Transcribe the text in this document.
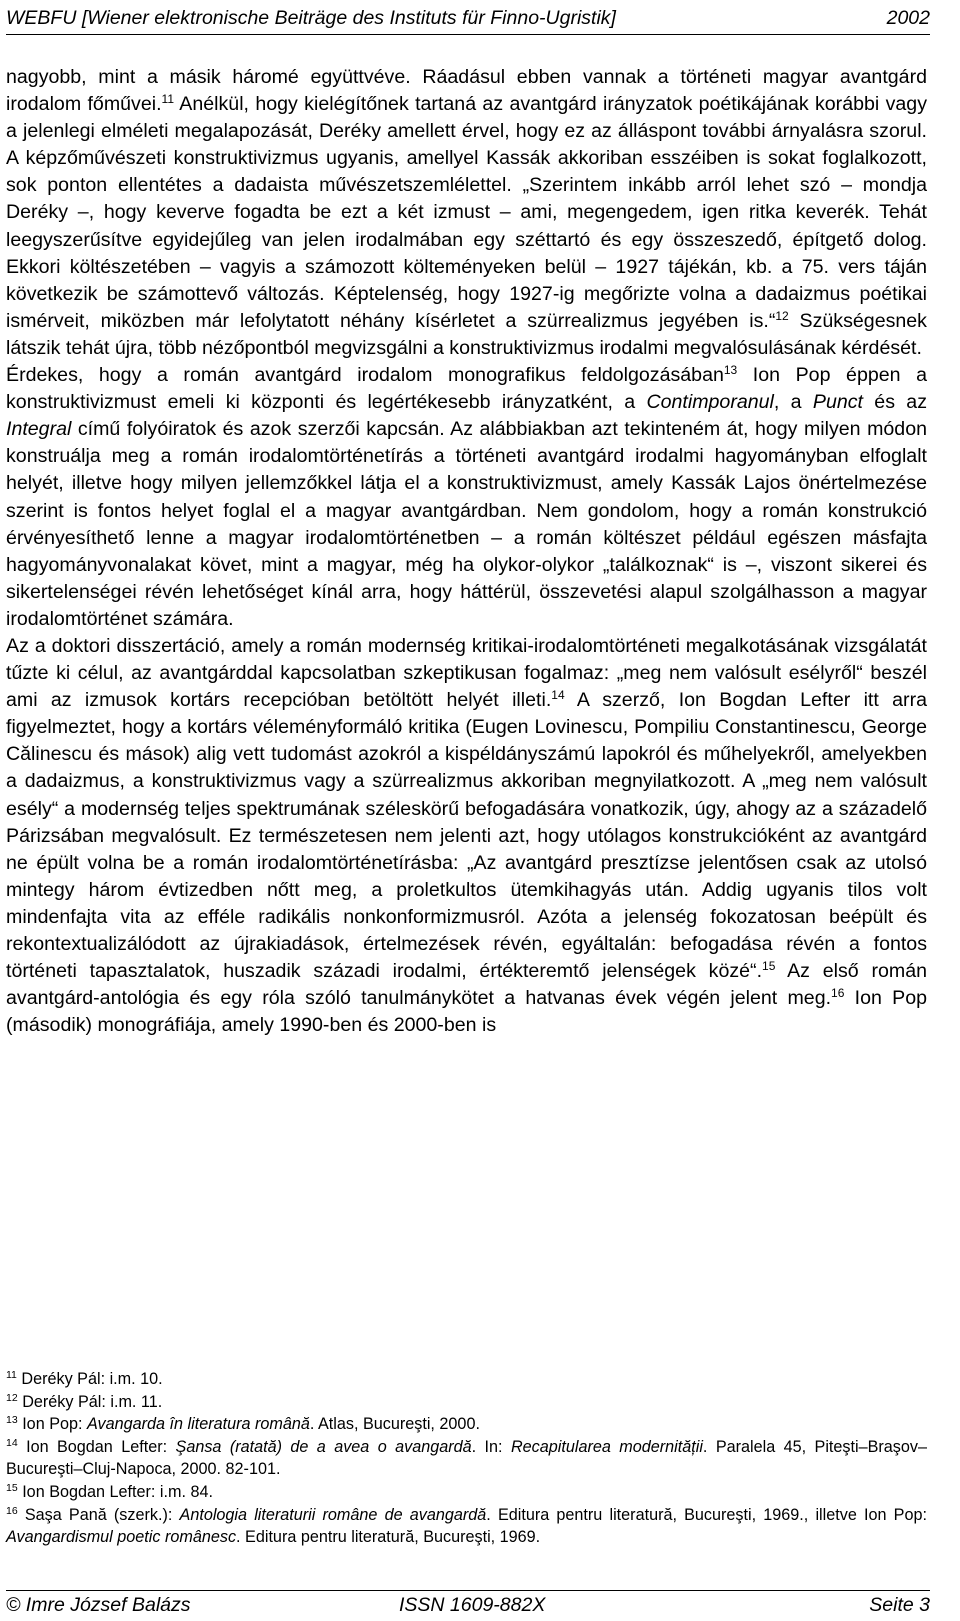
WEBFU [Wiener elektronische Beiträge des Instituts für Finno-Ugristik]	2002

nagyobb, mint a másik háromé együttvéve. Ráadásul ebben vannak a történeti magyar avantgárd irodalom főművei.$^{11}$ Anélkül, hogy kielégítőnek tartaná az avantgárd irányzatok poétikájának korábbi vagy a jelenlegi elméleti megalapozását, Deréky amellett érvel, hogy ez az álláspont további árnyalásra szorul. A képzőművészeti konstruktivizmus ugyanis, amellyel Kassák akkoriban esszéiben is sokat foglalkozott, sok ponton ellentétes a dadaista művészetszemlélettel. „Szerintem inkább arról lehet szó – mondja Deréky –, hogy keverve fogadta be ezt a két izmust – ami, megengedem, igen ritka keverék. Tehát leegyszerűsítve egyidejűleg van jelen irodalmában egy széttartó és egy összeszedő, építgető dolog. Ekkori költészetében – vagyis a számozott költeményeken belül – 1927 tájékán, kb. a 75. vers táján következik be számottevő változás. Képtelenség, hogy 1927-ig megőrizte volna a dadaizmus poétikai ismérveit, miközben már lefolytatott néhány kísérletet a szürrealizmus jegyében is.“$^{12}$ Szükségesnek látszik tehát újra, több nézőpontból megvizsgálni a konstruktivizmus irodalmi megvalósulásának kérdését.

Érdekes, hogy a román avantgárd irodalom monografikus feldolgozásában$^{13}$ Ion Pop éppen a konstruktivizmust emeli ki központi és legértékesebb irányzatként, a Contimporanul, a Punct és az Integral című folyóiratok és azok szerzői kapcsán. Az alábbiakban azt tekinteném át, hogy milyen módon konstruálja meg a román irodalomtörténetírás a történeti avantgárd irodalmi hagyományban elfoglalt helyét, illetve hogy milyen jellemzőkkel látja el a konstruktivizmust, amely Kassák Lajos önértelmezése szerint is fontos helyet foglal el a magyar avantgárdban. Nem gondolom, hogy a román konstrukció érvényesíthető lenne a magyar irodalomtörténetben – a román költészet például egészen másfajta hagyományvonalakat követ, mint a magyar, még ha olykor-olykor „találkoznak“ is –, viszont sikerei és sikertelenségei révén lehetőséget kínál arra, hogy háttérül, összevetési alapul szolgálhasson a magyar irodalomtörténet számára.

Az a doktori disszertáció, amely a román modernség kritikai-irodalomtörténeti megalkotásának vizsgálatát tűzte ki célul, az avantgárddal kapcsolatban szkeptikusan fogalmaz: „meg nem valósult esélyről“ beszél ami az izmusok kortárs recepcióban betöltött helyét illeti.$^{14}$ A szerző, Ion Bogdan Lefter itt arra figyelmeztet, hogy a kortárs véleményformáló kritika (Eugen Lovinescu, Pompiliu Constantinescu, George Călinescu és mások) alig vett tudomást azokról a kispéldányszámú lapokról és műhelyekről, amelyekben a dadaizmus, a konstruktivizmus vagy a szürrealizmus akkoriban megnyilatkozott. A „meg nem valósult esély“ a modernség teljes spektrumának széleskörű befogadására vonatkozik, úgy, ahogy az a századelő Párizsában megvalósult. Ez természetesen nem jelenti azt, hogy utólagos konstrukcióként az avantgárd ne épült volna be a román irodalomtörténetírásba: „Az avantgárd presztízse jelentősen csak az utolsó mintegy három évtizedben nőtt meg, a proletkultos ütemkihagyás után. Addig ugyanis tilos volt mindenfajta vita az efféle radikális nonkonformizmusról. Azóta a jelenség fokozatosan beépült és rekontextualizálódott az újrakiadások, értelmezések révén, egyáltalán: befogadása révén a fontos történeti tapasztalatok, huszadik századi irodalmi, értékteremtő jelenségek közé“.$^{15}$ Az első román avantgárd-antológia és egy róla szóló tanulmánykötet a hatvanas évek végén jelent meg.$^{16}$ Ion Pop (második) monográfiája, amely 1990-ben és 2000-ben is

$^{11}$ Deréky Pál: i.m. 10.

$^{12}$ Deréky Pál: i.m. 11.

$^{13}$ Ion Pop: Avangarda în literatura română. Atlas, Bucureşti, 2000.

$^{14}$ Ion Bogdan Lefter: Şansa (ratată) de a avea o avangardă. In: Recapitularea modernității. Paralela 45, Piteşti–Braşov–Bucureşti–Cluj-Napoca, 2000. 82-101.

$^{15}$ Ion Bogdan Lefter: i.m. 84.

$^{16}$ Saşa Pană (szerk.): Antologia literaturii române de avangardă. Editura pentru literatură, Bucureşti, 1969., illetve Ion Pop: Avangardismul poetic românesc. Editura pentru literatură, Bucureşti, 1969.

© Imre József Balázs	ISSN 1609-882X	Seite 3
